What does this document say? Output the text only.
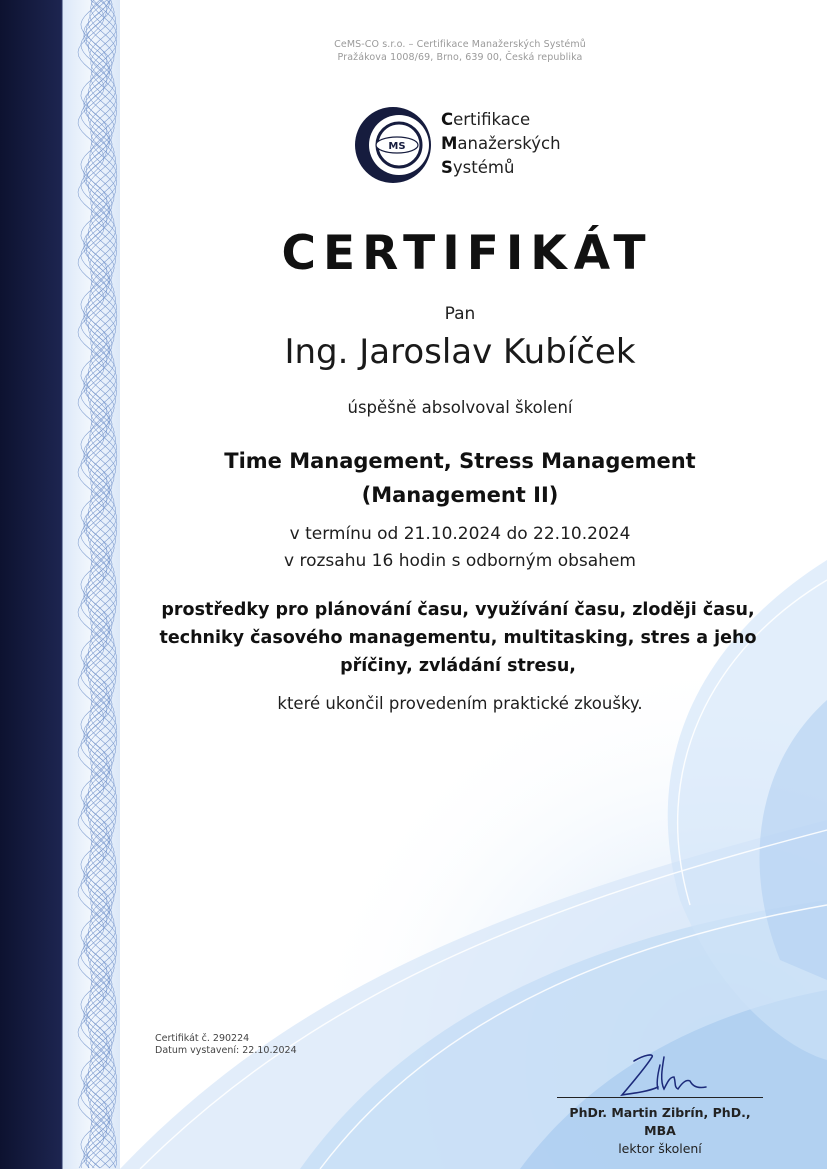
CeMS-CO s.r.o. – Certifikace Manažerských Systémů
Pražákova 1008/69, Brno, 639 00, Česká republika
MS
Certifikace
Manažerských
Systémů
CERTIFIKÁT
Pan
Ing. Jaroslav Kubíček
úspěšně absolvoval školení
Time Management, Stress Management
(Management II)
v termínu od 21.10.2024 do 22.10.2024
v rozsahu 16 hodin s odborným obsahem
prostředky pro plánování času, využívání času, zloději času,
techniky časového managementu, multitasking, stres a jeho
příčiny, zvládání stresu,
které ukončil provedením praktické zkoušky.
Certifikát č. 290224
Datum vystavení: 22.10.2024
PhDr. Martin Zibrín, PhD.,
MBA
lektor školení
